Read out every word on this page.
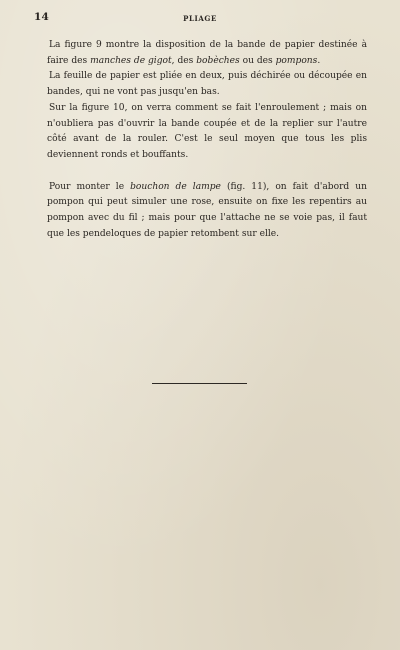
14	PLIAGE

La figure 9 montre la disposition de la bande de papier destinée à faire des manches de gigot, des bobèches ou des pompons.

La feuille de papier est pliée en deux, puis déchirée ou découpée en bandes, qui ne vont pas jusqu'en bas.

Sur la figure 10, on verra comment se fait l'enroulement ; mais on n'oubliera pas d'ouvrir la bande coupée et de la replier sur l'autre côté avant de la rouler. C'est le seul moyen que tous les plis deviennent ronds et bouffants.

Pour monter le bouchon de lampe (fig. 11), on fait d'abord un pompon qui peut simuler une rose, ensuite on fixe les repentirs au pompon avec du fil ; mais pour que l'attache ne se voie pas, il faut que les pendeloques de papier retombent sur elle.
